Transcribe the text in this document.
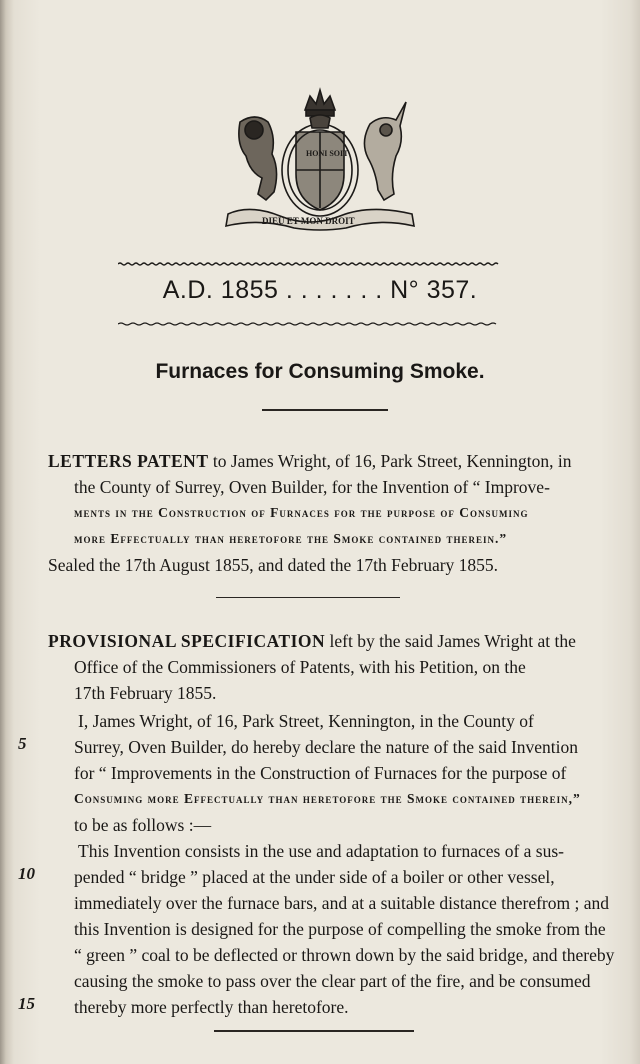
DIEU ET MON DROIT
HONI SOIT
A.D. 1855 . . . . . . . N° 357.
Furnaces for Consuming Smoke.
LETTERS PATENT to James Wright, of 16, Park Street, Kennington, in
the County of Surrey, Oven Builder, for the Invention of “ Improve-
ments in the Construction of Furnaces for the purpose of Consuming
more Effectually than heretofore the Smoke contained therein.”
Sealed the 17th August 1855, and dated the 17th February 1855.
PROVISIONAL SPECIFICATION left by the said James Wright at the
Office of the Commissioners of Patents, with his Petition, on the
17th February 1855.
I, James Wright, of 16, Park Street, Kennington, in the County of
Surrey, Oven Builder, do hereby declare the nature of the said Invention
for “ Improvements in the Construction of Furnaces for the purpose of
Consuming more Effectually than heretofore the Smoke contained therein,”
to be as follows :—
This Invention consists in the use and adaptation to furnaces of a sus-
pended “ bridge ” placed at the under side of a boiler or other vessel,
immediately over the furnace bars, and at a suitable distance therefrom ; and
this Invention is designed for the purpose of compelling the smoke from the
“ green ” coal to be deflected or thrown down by the said bridge, and thereby
causing the smoke to pass over the clear part of the fire, and be consumed
thereby more perfectly than heretofore.
5
10
15
